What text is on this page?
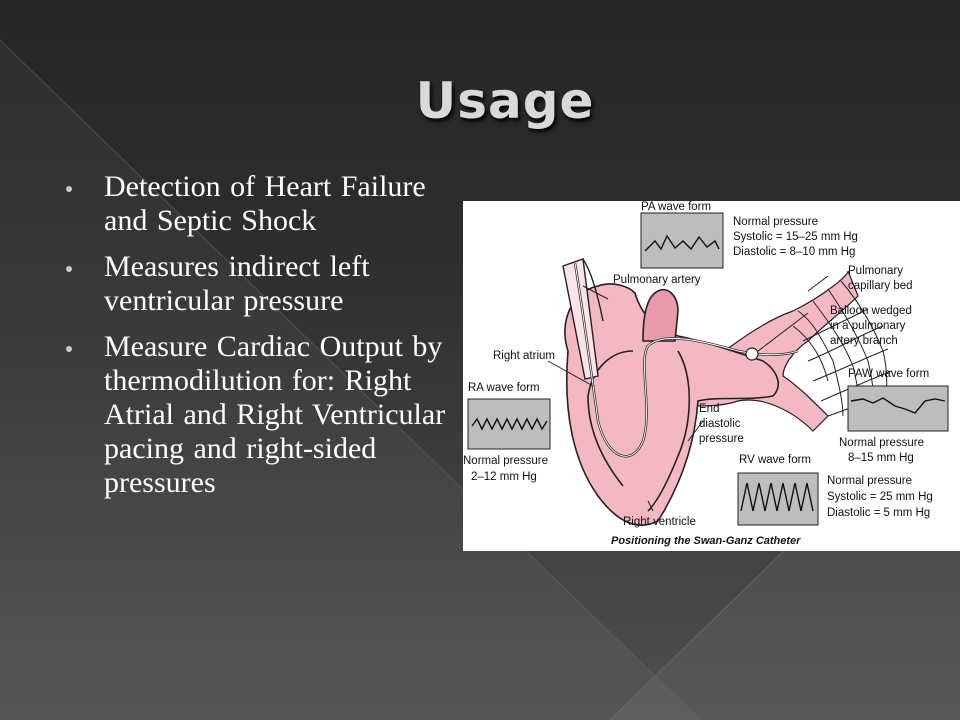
Usage
Detection of Heart Failure and Septic Shock
Measures indirect left ventricular pressure
Measure Cardiac Output by thermodilution for: Right Atrial and Right Ventricular pacing and right-sided pressures
PA wave form
Normal pressure
Systolic = 15–25 mm Hg
Diastolic = 8–10 mm Hg
Pulmonary artery
Pulmonary
capillary bed
Balloon wedged
in a pulmonary
artery branch
Right atrium
RA wave form
PAW wave form
End
diastolic
pressure
Normal pressure
2–12 mm Hg
RV wave form
Normal pressure
8–15 mm Hg
Normal pressure
Systolic = 25 mm Hg
Diastolic = 5 mm Hg
Right ventricle
Positioning the Swan-Ganz Catheter
